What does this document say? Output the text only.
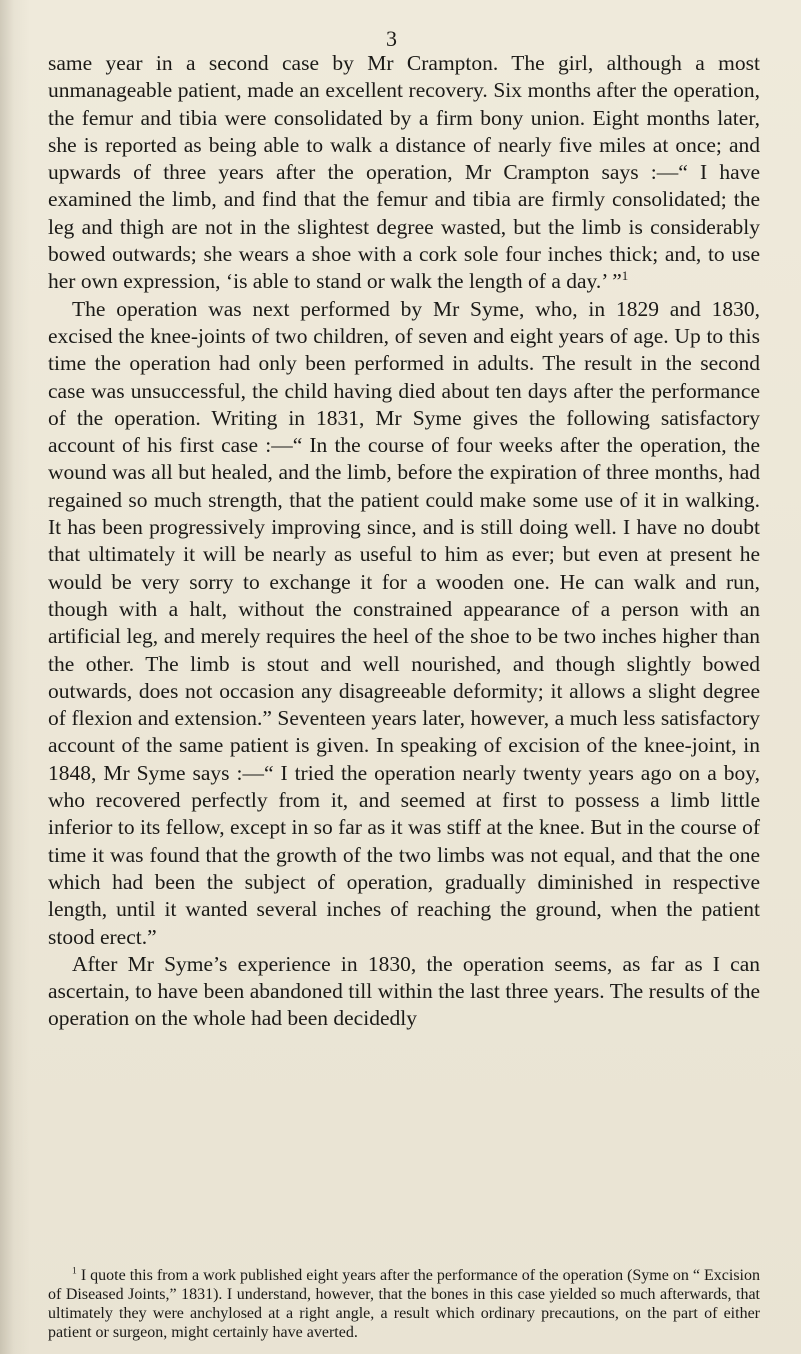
3

same year in a second case by Mr Crampton. The girl, although a most unmanageable patient, made an excellent recovery. Six months after the operation, the femur and tibia were consolidated by a firm bony union. Eight months later, she is reported as being able to walk a distance of nearly five miles at once; and upwards of three years after the operation, Mr Crampton says :—“ I have examined the limb, and find that the femur and tibia are firmly consolidated; the leg and thigh are not in the slightest degree wasted, but the limb is considerably bowed outwards; she wears a shoe with a cork sole four inches thick; and, to use her own expression, ‘is able to stand or walk the length of a day.’ ”$^1$

The operation was next performed by Mr Syme, who, in 1829 and 1830, excised the knee-joints of two children, of seven and eight years of age. Up to this time the operation had only been performed in adults. The result in the second case was unsuccessful, the child having died about ten days after the performance of the operation. Writing in 1831, Mr Syme gives the following satisfactory account of his first case :—“ In the course of four weeks after the operation, the wound was all but healed, and the limb, before the expiration of three months, had regained so much strength, that the patient could make some use of it in walking. It has been progressively improving since, and is still doing well. I have no doubt that ultimately it will be nearly as useful to him as ever; but even at present he would be very sorry to exchange it for a wooden one. He can walk and run, though with a halt, without the constrained appearance of a person with an artificial leg, and merely requires the heel of the shoe to be two inches higher than the other. The limb is stout and well nourished, and though slightly bowed outwards, does not occasion any disagreeable deformity; it allows a slight degree of flexion and extension.” Seventeen years later, however, a much less satisfactory account of the same patient is given. In speaking of excision of the knee-joint, in 1848, Mr Syme says :—“ I tried the operation nearly twenty years ago on a boy, who recovered perfectly from it, and seemed at first to possess a limb little inferior to its fellow, except in so far as it was stiff at the knee. But in the course of time it was found that the growth of the two limbs was not equal, and that the one which had been the subject of operation, gradually diminished in respective length, until it wanted several inches of reaching the ground, when the patient stood erect.”

After Mr Syme’s experience in 1830, the operation seems, as far as I can ascertain, to have been abandoned till within the last three years. The results of the operation on the whole had been decidedly

$^1$ I quote this from a work published eight years after the performance of the operation (Syme on “ Excision of Diseased Joints,” 1831). I understand, however, that the bones in this case yielded so much afterwards, that ultimately they were anchylosed at a right angle, a result which ordinary precautions, on the part of either patient or surgeon, might certainly have averted.
